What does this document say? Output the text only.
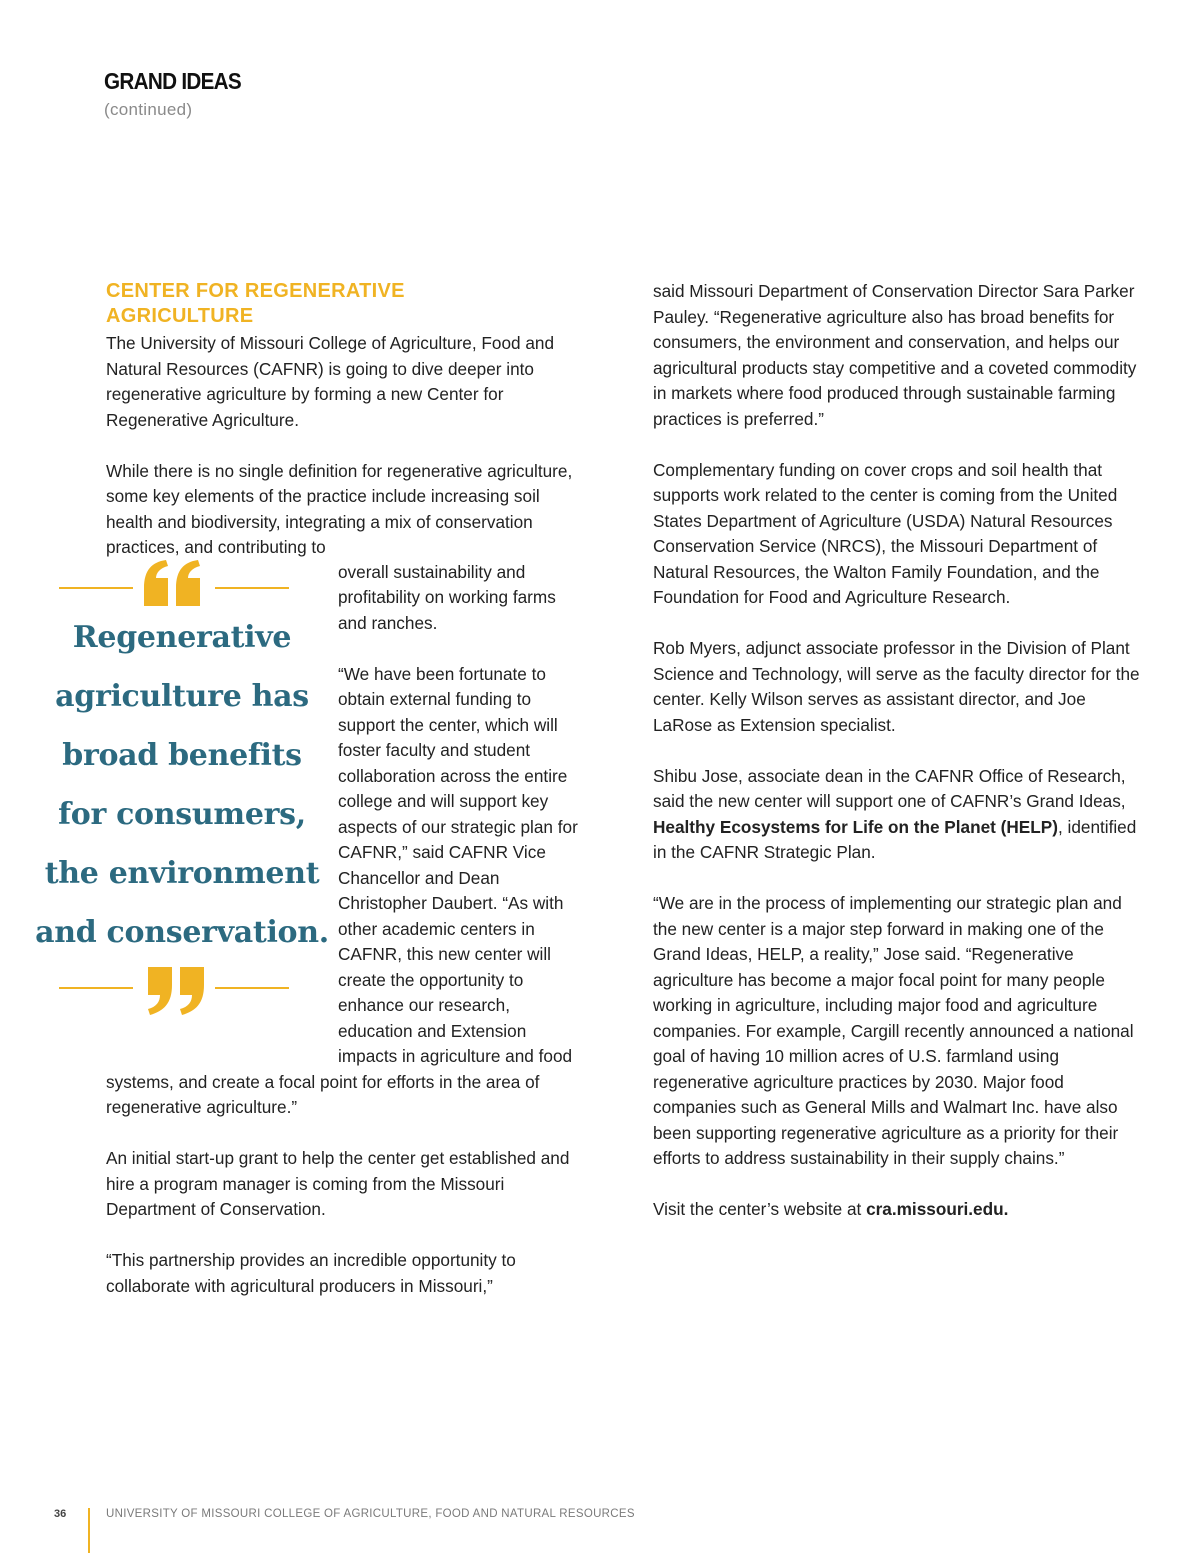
GRAND IDEAS
(continued)
CENTER FOR REGENERATIVE
AGRICULTURE

The University of Missouri College of Agriculture, Food and Natural Resources (CAFNR) is going to dive deeper into regenerative agriculture by forming a new Center for Regenerative Agriculture.

While there is no single definition for regenerative agriculture, some key elements of the practice include increasing soil health and biodiversity, integrating a mix of conservation practices, and contributing to

Regenerative
agriculture has
broad benefits
for consumers,
the environment
and conservation.

overall sustainability and profitability on working farms and ranches.

“We have been fortunate to obtain external funding to support the center, which will foster faculty and student collaboration across the entire college and will support key aspects of our strategic plan for CAFNR,” said CAFNR Vice Chancellor and Dean Christopher Daubert. “As with other academic centers in CAFNR, this new center will create the opportunity to enhance our research, education and Extension impacts in agriculture and food systems, and create a focal point for efforts in the area of regenerative agriculture.”

An initial start-up grant to help the center get established and hire a program manager is coming from the Missouri Department of Conservation.

“This partnership provides an incredible opportunity to collaborate with agricultural producers in Missouri,”

said Missouri Department of Conservation Director Sara Parker Pauley. “Regenerative agriculture also has broad benefits for consumers, the environment and conservation, and helps our agricultural products stay competitive and a coveted commodity in markets where food produced through sustainable farming practices is preferred.”

Complementary funding on cover crops and soil health that supports work related to the center is coming from the United States Department of Agriculture (USDA) Natural Resources Conservation Service (NRCS), the Missouri Department of Natural Resources, the Walton Family Foundation, and the Foundation for Food and Agriculture Research.

Rob Myers, adjunct associate professor in the Division of Plant Science and Technology, will serve as the faculty director for the center. Kelly Wilson serves as assistant director, and Joe LaRose as Extension specialist.

Shibu Jose, associate dean in the CAFNR Office of Research, said the new center will support one of CAFNR’s Grand Ideas, Healthy Ecosystems for Life on the Planet (HELP), identified in the CAFNR Strategic Plan.

“We are in the process of implementing our strategic plan and the new center is a major step forward in making one of the Grand Ideas, HELP, a reality,” Jose said. “Regenerative agriculture has become a major focal point for many people working in agriculture, including major food and agriculture companies. For example, Cargill recently announced a national goal of having 10 million acres of U.S. farmland using regenerative agriculture practices by 2030. Major food companies such as General Mills and Walmart Inc. have also been supporting regenerative agriculture as a priority for their efforts to address sustainability in their supply chains.”

Visit the center’s website at cra.missouri.edu.

36	UNIVERSITY OF MISSOURI COLLEGE OF AGRICULTURE, FOOD AND NATURAL RESOURCES
